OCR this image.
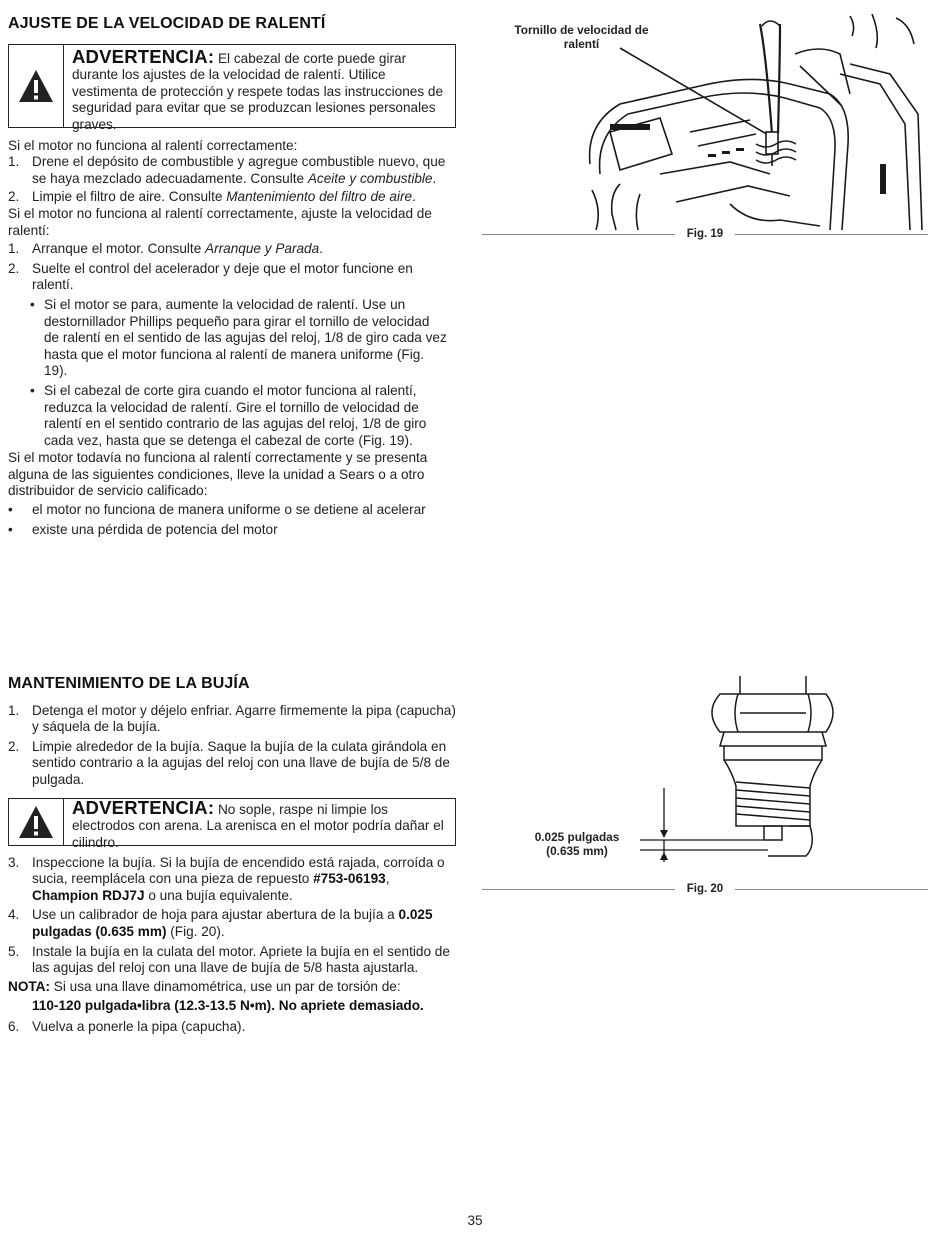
AJUSTE DE LA VELOCIDAD DE RALENTÍ
ADVERTENCIA: El cabezal de corte puede girar durante los ajustes de la velocidad de ralentí. Utilice vestimenta de protección y respete todas las instrucciones de seguridad para evitar que se produzcan lesiones personales graves.

Si el motor no funciona al ralentí correctamente:

1. Drene el depósito de combustible y agregue combustible nuevo, que se haya mezclado adecuadamente. Consulte Aceite y combustible.
2. Limpie el filtro de aire. Consulte Mantenimiento del filtro de aire.

Si el motor no funciona al ralentí correctamente, ajuste la velocidad de ralentí:

1. Arranque el motor. Consulte Arranque y Parada.
2. Suelte el control del acelerador y deje que el motor funcione en ralentí.
• Si el motor se para, aumente la velocidad de ralentí. Use un destornillador Phillips pequeño para girar el tornillo de velocidad de ralentí en el sentido de las agujas del reloj, 1/8 de giro cada vez hasta que el motor funciona al ralentí de manera uniforme (Fig. 19).
• Si el cabezal de corte gira cuando el motor funciona al ralentí, reduzca la velocidad de ralentí. Gire el tornillo de velocidad de ralentí en el sentido contrario de las agujas del reloj, 1/8 de giro cada vez, hasta que se detenga el cabezal de corte (Fig. 19).

Si el motor todavía no funciona al ralentí correctamente y se presenta alguna de las siguientes condiciones, lleve la unidad a Sears o a otro distribuidor de servicio calificado:

•	el motor no funciona de manera uniforme o se detiene al acelerar
•	existe una pérdida de potencia del motor
Tornillo de velocidad de ralentí
Fig. 19
MANTENIMIENTO DE LA BUJÍA
1. Detenga el motor y déjelo enfriar. Agarre firmemente la pipa (capucha) y sáquela de la bujía.
2. Limpie alrededor de la bujía. Saque la bujía de la culata girándola en sentido contrario a la agujas del reloj con una llave de bujía de 5/8 de pulgada.
ADVERTENCIA: No sople, raspe ni limpie los electrodos con arena. La arenisca en el motor podría dañar el cilindro.
3. Inspeccione la bujía. Si la bujía de encendido está rajada, corroída o sucia, reemplácela con una pieza de repuesto #753-06193, Champion RDJ7J o una bujía equivalente.
4. Use un calibrador de hoja para ajustar abertura de la bujía a 0.025 pulgadas (0.635 mm) (Fig. 20).
5. Instale la bujía en la culata del motor. Apriete la bujía en el sentido de las agujas del reloj con una llave de bujía de 5/8 hasta ajustarla.

NOTA: Si usa una llave dinamométrica, use un par de torsión de:

110-120 pulgada•libra (12.3-13.5 N•m). No apriete demasiado.

6. Vuelva a ponerle la pipa (capucha).
0.025 pulgadas
(0.635 mm)
Fig. 20
35
